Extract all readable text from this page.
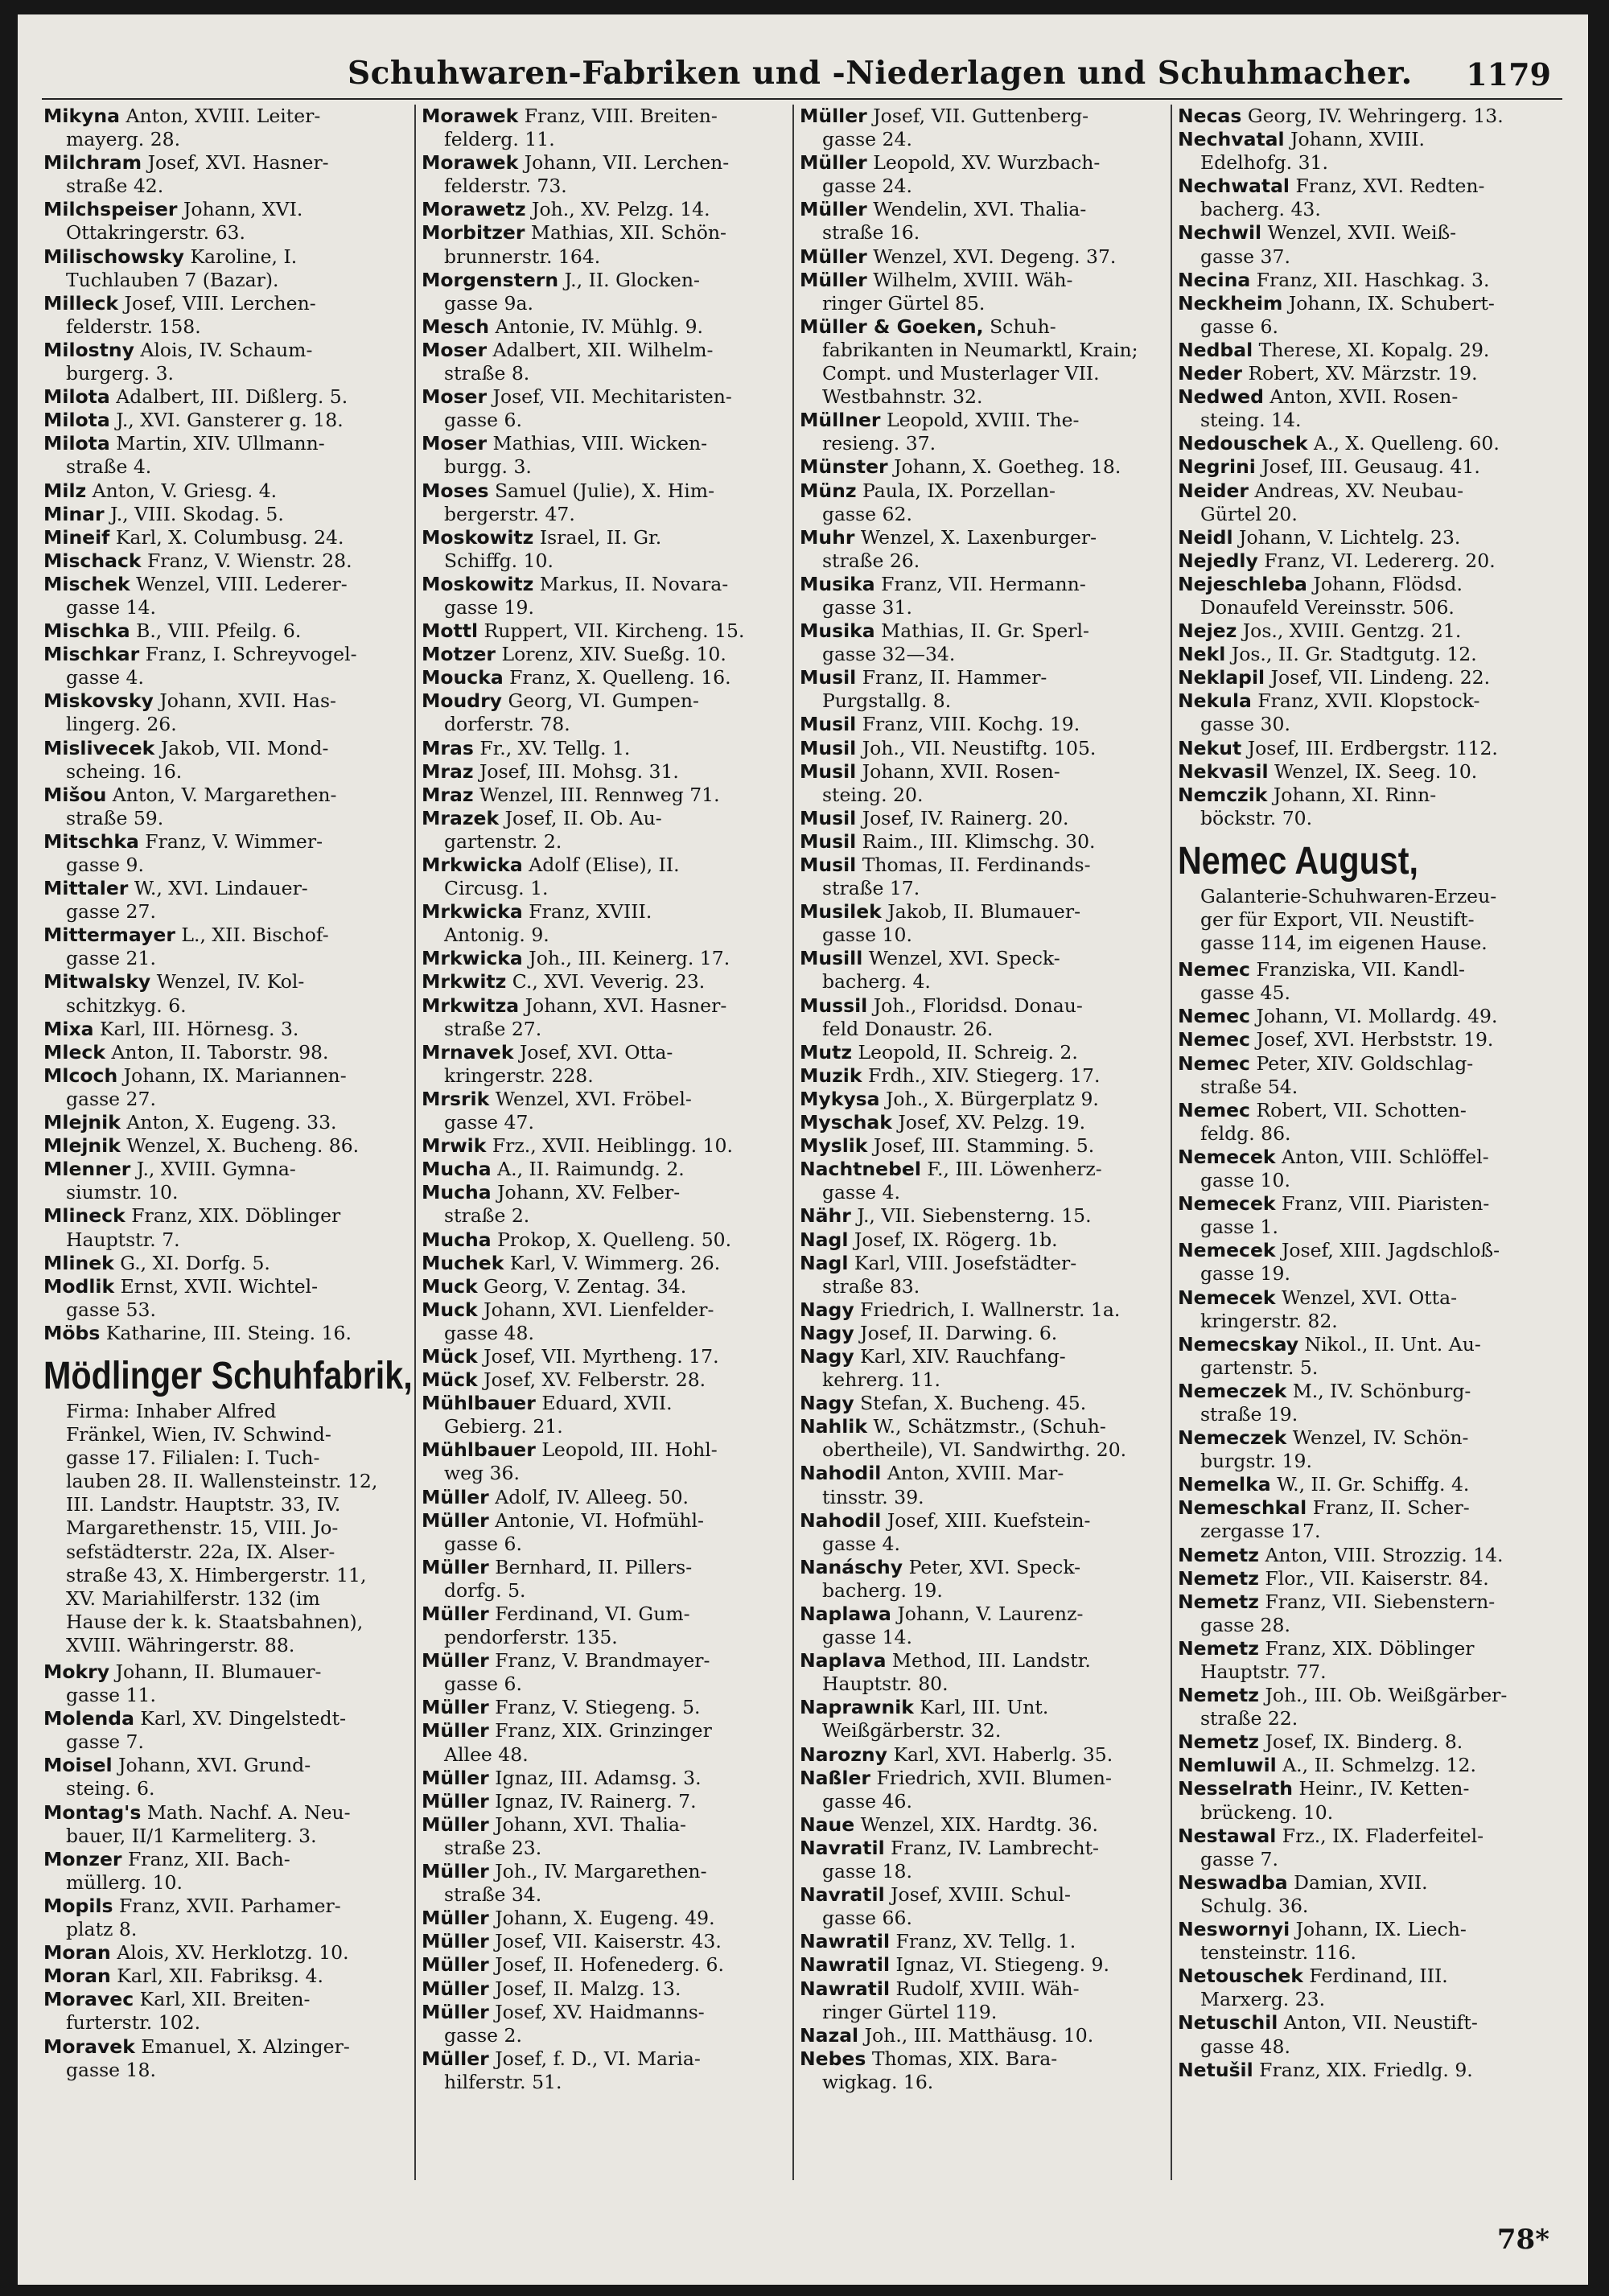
Schuhwaren-Fabriken und -Niederlagen und Schuhmacher. 1179
Mikyna Anton, XVIII. Leiter-
mayerg. 28.
Milchram Josef, XVI. Hasner-
straße 42.
Milchspeiser Johann, XVI.
Ottakringerstr. 63.
Milischowsky Karoline, I.
Tuchlauben 7 (Bazar).
Milleck Josef, VIII. Lerchen-
felderstr. 158.
Milostny Alois, IV. Schaum-
burgerg. 3.
Milota Adalbert, III. Dißlerg. 5.
Milota J., XVI. Gansterer g. 18.
Milota Martin, XIV. Ullmann-
straße 4.
Milz Anton, V. Griesg. 4.
Minar J., VIII. Skodag. 5.
Mineif Karl, X. Columbusg. 24.
Mischack Franz, V. Wienstr. 28.
Mischek Wenzel, VIII. Lederer-
gasse 14.
Mischka B., VIII. Pfeilg. 6.
Mischkar Franz, I. Schreyvogel-
gasse 4.
Miskovsky Johann, XVII. Has-
lingerg. 26.
Mislivecek Jakob, VII. Mond-
scheing. 16.
Mišou Anton, V. Margarethen-
straße 59.
Mitschka Franz, V. Wimmer-
gasse 9.
Mittaler W., XVI. Lindauer-
gasse 27.
Mittermayer L., XII. Bischof-
gasse 21.
Mitwalsky Wenzel, IV. Kol-
schitzkyg. 6.
Mixa Karl, III. Hörnesg. 3.
Mleck Anton, II. Taborstr. 98.
Mlcoch Johann, IX. Mariannen-
gasse 27.
Mlejnik Anton, X. Eugeng. 33.
Mlejnik Wenzel, X. Bucheng. 86.
Mlenner J., XVIII. Gymna-
siumstr. 10.
Mlineck Franz, XIX. Döblinger
Hauptstr. 7.
Mlinek G., XI. Dorfg. 5.
Modlik Ernst, XVII. Wichtel-
gasse 53.
Möbs Katharine, III. Steing. 16.
Mödlinger Schuhfabrik,
Firma: Inhaber Alfred
Fränkel, Wien, IV. Schwind-
gasse 17. Filialen: I. Tuch-
lauben 28. II. Wallensteinstr. 12,
III. Landstr. Hauptstr. 33, IV.
Margarethenstr. 15, VIII. Jo-
sefstädterstr. 22a, IX. Alser-
straße 43, X. Himbergerstr. 11,
XV. Mariahilferstr. 132 (im
Hause der k. k. Staatsbahnen),
XVIII. Währingerstr. 88.
Mokry Johann, II. Blumauer-
gasse 11.
Molenda Karl, XV. Dingelstedt-
gasse 7.
Moisel Johann, XVI. Grund-
steing. 6.
Montag's Math. Nachf. A. Neu-
bauer, II/1 Karmeliterg. 3.
Monzer Franz, XII. Bach-
müllerg. 10.
Mopils Franz, XVII. Parhamer-
platz 8.
Moran Alois, XV. Herklotzg. 10.
Moran Karl, XII. Fabriksg. 4.
Moravec Karl, XII. Breiten-
furterstr. 102.
Moravek Emanuel, X. Alzinger-
gasse 18.
Morawek Franz, VIII. Breiten-
felderg. 11.
Morawek Johann, VII. Lerchen-
felderstr. 73.
Morawetz Joh., XV. Pelzg. 14.
Morbitzer Mathias, XII. Schön-
brunnerstr. 164.
Morgenstern J., II. Glocken-
gasse 9a.
Mesch Antonie, IV. Mühlg. 9.
Moser Adalbert, XII. Wilhelm-
straße 8.
Moser Josef, VII. Mechitaristen-
gasse 6.
Moser Mathias, VIII. Wicken-
burgg. 3.
Moses Samuel (Julie), X. Him-
bergerstr. 47.
Moskowitz Israel, II. Gr.
Schiffg. 10.
Moskowitz Markus, II. Novara-
gasse 19.
Mottl Ruppert, VII. Kircheng. 15.
Motzer Lorenz, XIV. Sueßg. 10.
Moucka Franz, X. Quelleng. 16.
Moudry Georg, VI. Gumpen-
dorferstr. 78.
Mras Fr., XV. Tellg. 1.
Mraz Josef, III. Mohsg. 31.
Mraz Wenzel, III. Rennweg 71.
Mrazek Josef, II. Ob. Au-
gartenstr. 2.
Mrkwicka Adolf (Elise), II.
Circusg. 1.
Mrkwicka Franz, XVIII.
Antonig. 9.
Mrkwicka Joh., III. Keinerg. 17.
Mrkwitz C., XVI. Veverig. 23.
Mrkwitza Johann, XVI. Hasner-
straße 27.
Mrnavek Josef, XVI. Otta-
kringerstr. 228.
Mrsrik Wenzel, XVI. Fröbel-
gasse 47.
Mrwik Frz., XVII. Heiblingg. 10.
Mucha A., II. Raimundg. 2.
Mucha Johann, XV. Felber-
straße 2.
Mucha Prokop, X. Quelleng. 50.
Muchek Karl, V. Wimmerg. 26.
Muck Georg, V. Zentag. 34.
Muck Johann, XVI. Lienfelder-
gasse 48.
Mück Josef, VII. Myrtheng. 17.
Mück Josef, XV. Felberstr. 28.
Mühlbauer Eduard, XVII.
Gebierg. 21.
Mühlbauer Leopold, III. Hohl-
weg 36.
Müller Adolf, IV. Alleeg. 50.
Müller Antonie, VI. Hofmühl-
gasse 6.
Müller Bernhard, II. Pillers-
dorfg. 5.
Müller Ferdinand, VI. Gum-
pendorferstr. 135.
Müller Franz, V. Brandmayer-
gasse 6.
Müller Franz, V. Stiegeng. 5.
Müller Franz, XIX. Grinzinger
Allee 48.
Müller Ignaz, III. Adamsg. 3.
Müller Ignaz, IV. Rainerg. 7.
Müller Johann, XVI. Thalia-
straße 23.
Müller Joh., IV. Margarethen-
straße 34.
Müller Johann, X. Eugeng. 49.
Müller Josef, VII. Kaiserstr. 43.
Müller Josef, II. Hofenederg. 6.
Müller Josef, II. Malzg. 13.
Müller Josef, XV. Haidmanns-
gasse 2.
Müller Josef, f. D., VI. Maria-
hilferstr. 51.
Müller Josef, VII. Guttenberg-
gasse 24.
Müller Leopold, XV. Wurzbach-
gasse 24.
Müller Wendelin, XVI. Thalia-
straße 16.
Müller Wenzel, XVI. Degeng. 37.
Müller Wilhelm, XVIII. Wäh-
ringer Gürtel 85.
Müller & Goeken, Schuh-
fabrikanten in Neumarktl, Krain;
Compt. und Musterlager VII.
Westbahnstr. 32.
Müllner Leopold, XVIII. The-
resieng. 37.
Münster Johann, X. Goetheg. 18.
Münz Paula, IX. Porzellan-
gasse 62.
Muhr Wenzel, X. Laxenburger-
straße 26.
Musika Franz, VII. Hermann-
gasse 31.
Musika Mathias, II. Gr. Sperl-
gasse 32—34.
Musil Franz, II. Hammer-
Purgstallg. 8.
Musil Franz, VIII. Kochg. 19.
Musil Joh., VII. Neustiftg. 105.
Musil Johann, XVII. Rosen-
steing. 20.
Musil Josef, IV. Rainerg. 20.
Musil Raim., III. Klimschg. 30.
Musil Thomas, II. Ferdinands-
straße 17.
Musilek Jakob, II. Blumauer-
gasse 10.
Musill Wenzel, XVI. Speck-
bacherg. 4.
Mussil Joh., Floridsd. Donau-
feld Donaustr. 26.
Mutz Leopold, II. Schreig. 2.
Muzik Frdh., XIV. Stiegerg. 17.
Mykysa Joh., X. Bürgerplatz 9.
Myschak Josef, XV. Pelzg. 19.
Myslik Josef, III. Stamming. 5.
Nachtnebel F., III. Löwenherz-
gasse 4.
Nähr J., VII. Siebensterng. 15.
Nagl Josef, IX. Rögerg. 1b.
Nagl Karl, VIII. Josefstädter-
straße 83.
Nagy Friedrich, I. Wallnerstr. 1a.
Nagy Josef, II. Darwing. 6.
Nagy Karl, XIV. Rauchfang-
kehrerg. 11.
Nagy Stefan, X. Bucheng. 45.
Nahlik W., Schätzmstr., (Schuh-
obertheile), VI. Sandwirthg. 20.
Nahodil Anton, XVIII. Mar-
tinsstr. 39.
Nahodil Josef, XIII. Kuefstein-
gasse 4.
Nanáschy Peter, XVI. Speck-
bacherg. 19.
Naplawa Johann, V. Laurenz-
gasse 14.
Naplava Method, III. Landstr.
Hauptstr. 80.
Naprawnik Karl, III. Unt.
Weißgärberstr. 32.
Narozny Karl, XVI. Haberlg. 35.
Naßler Friedrich, XVII. Blumen-
gasse 46.
Naue Wenzel, XIX. Hardtg. 36.
Navratil Franz, IV. Lambrecht-
gasse 18.
Navratil Josef, XVIII. Schul-
gasse 66.
Nawratil Franz, XV. Tellg. 1.
Nawratil Ignaz, VI. Stiegeng. 9.
Nawratil Rudolf, XVIII. Wäh-
ringer Gürtel 119.
Nazal Joh., III. Matthäusg. 10.
Nebes Thomas, XIX. Bara-
wigkag. 16.
Necas Georg, IV. Wehringerg. 13.
Nechvatal Johann, XVIII.
Edelhofg. 31.
Nechwatal Franz, XVI. Redten-
bacherg. 43.
Nechwil Wenzel, XVII. Weiß-
gasse 37.
Necina Franz, XII. Haschkag. 3.
Neckheim Johann, IX. Schubert-
gasse 6.
Nedbal Therese, XI. Kopalg. 29.
Neder Robert, XV. Märzstr. 19.
Nedwed Anton, XVII. Rosen-
steing. 14.
Nedouschek A., X. Quelleng. 60.
Negrini Josef, III. Geusaug. 41.
Neider Andreas, XV. Neubau-
Gürtel 20.
Neidl Johann, V. Lichtelg. 23.
Nejedly Franz, VI. Ledererg. 20.
Nejeschleba Johann, Flödsd.
Donaufeld Vereinsstr. 506.
Nejez Jos., XVIII. Gentzg. 21.
Nekl Jos., II. Gr. Stadtgutg. 12.
Neklapil Josef, VII. Lindeng. 22.
Nekula Franz, XVII. Klopstock-
gasse 30.
Nekut Josef, III. Erdbergstr. 112.
Nekvasil Wenzel, IX. Seeg. 10.
Nemczik Johann, XI. Rinn-
böckstr. 70.
Nemec August,
Galanterie-Schuhwaren-Erzeu-
ger für Export, VII. Neustift-
gasse 114, im eigenen Hause.
Nemec Franziska, VII. Kandl-
gasse 45.
Nemec Johann, VI. Mollardg. 49.
Nemec Josef, XVI. Herbststr. 19.
Nemec Peter, XIV. Goldschlag-
straße 54.
Nemec Robert, VII. Schotten-
feldg. 86.
Nemecek Anton, VIII. Schlöffel-
gasse 10.
Nemecek Franz, VIII. Piaristen-
gasse 1.
Nemecek Josef, XIII. Jagdschloß-
gasse 19.
Nemecek Wenzel, XVI. Otta-
kringerstr. 82.
Nemecskay Nikol., II. Unt. Au-
gartenstr. 5.
Nemeczek M., IV. Schönburg-
straße 19.
Nemeczek Wenzel, IV. Schön-
burgstr. 19.
Nemelka W., II. Gr. Schiffg. 4.
Nemeschkal Franz, II. Scher-
zergasse 17.
Nemetz Anton, VIII. Strozzig. 14.
Nemetz Flor., VII. Kaiserstr. 84.
Nemetz Franz, VII. Siebenstern-
gasse 28.
Nemetz Franz, XIX. Döblinger
Hauptstr. 77.
Nemetz Joh., III. Ob. Weißgärber-
straße 22.
Nemetz Josef, IX. Binderg. 8.
Nemluwil A., II. Schmelzg. 12.
Nesselrath Heinr., IV. Ketten-
brückeng. 10.
Nestawal Frz., IX. Fladerfeitel-
gasse 7.
Neswadba Damian, XVII.
Schulg. 36.
Neswornyi Johann, IX. Liech-
tensteinstr. 116.
Netouschek Ferdinand, III.
Marxerg. 23.
Netuschil Anton, VII. Neustift-
gasse 48.
Netušil Franz, XIX. Friedlg. 9.
78*
